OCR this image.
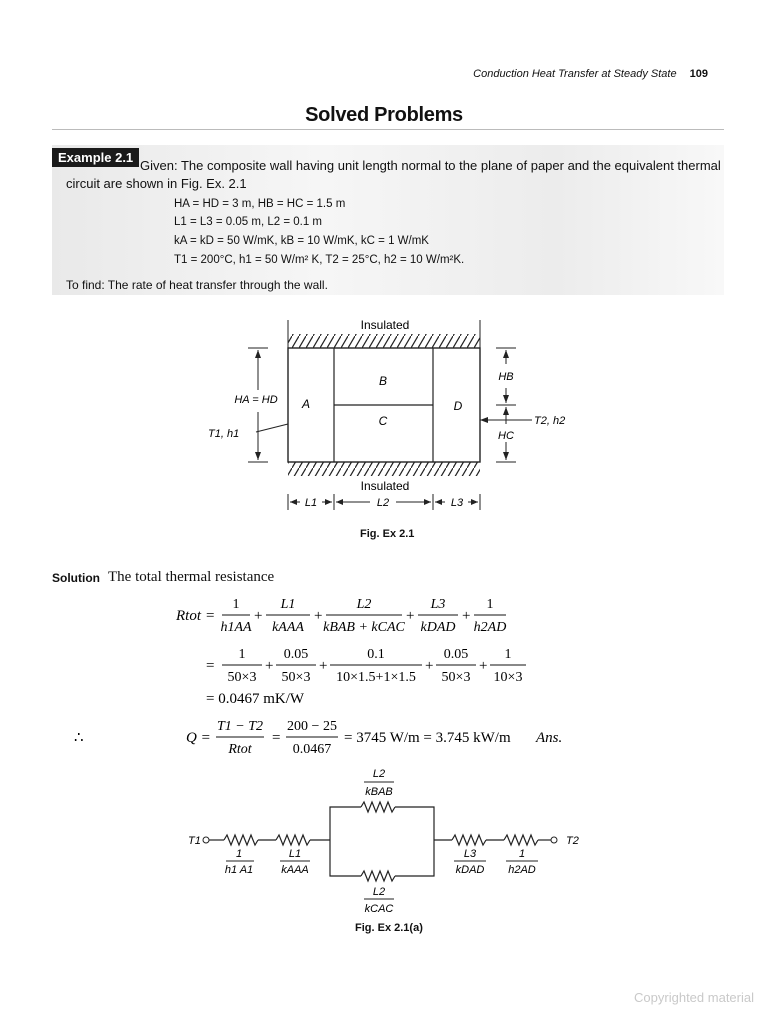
Conduction Heat Transfer at Steady State 109
Solved Problems
Example 2.1
Given: The composite wall having unit length normal to the plane of paper and the equivalent thermal
circuit are shown in Fig. Ex. 2.1
HA = HD = 3 m, HB = HC = 1.5 m
L1 = L3 = 0.05 m, L2 = 0.1 m
kA = kD = 50 W/mK, kB = 10 W/mK, kC = 1 W/mK
T1 = 200°C, h1 = 50 W/m² K, T2 = 25°C, h2 = 10 W/m²K.
To find: The rate of heat transfer through the wall.
Insulated
A
B
C
D
HA = HD
T1, h1
HB
HC
T2, h2
Insulated
L1	L2	L3
Fig. Ex 2.1
Solution The total thermal resistance
Rtot =
1
h1AA
+
L1
kAAA
+
L2
kBAB + kCAC
+
L3
kDAD
+
1
h2AD
=
1
50×3
+
0.05
50×3
+
0.1
10×1.5+1×1.5
+
0.05
50×3
+
1
10×3
= 0.0467 mK/W
∴	Q =
T1 − T2
Rtot
=
200 − 25
0.0467
= 3745 W/m = 3.745 kW/m Ans.
L2
kBAB
T1	T2
1
h1 A1
L1
kAAA
L3
kDAD
1
h2AD
L2
kCAC
Fig. Ex 2.1(a)
Copyrighted material
